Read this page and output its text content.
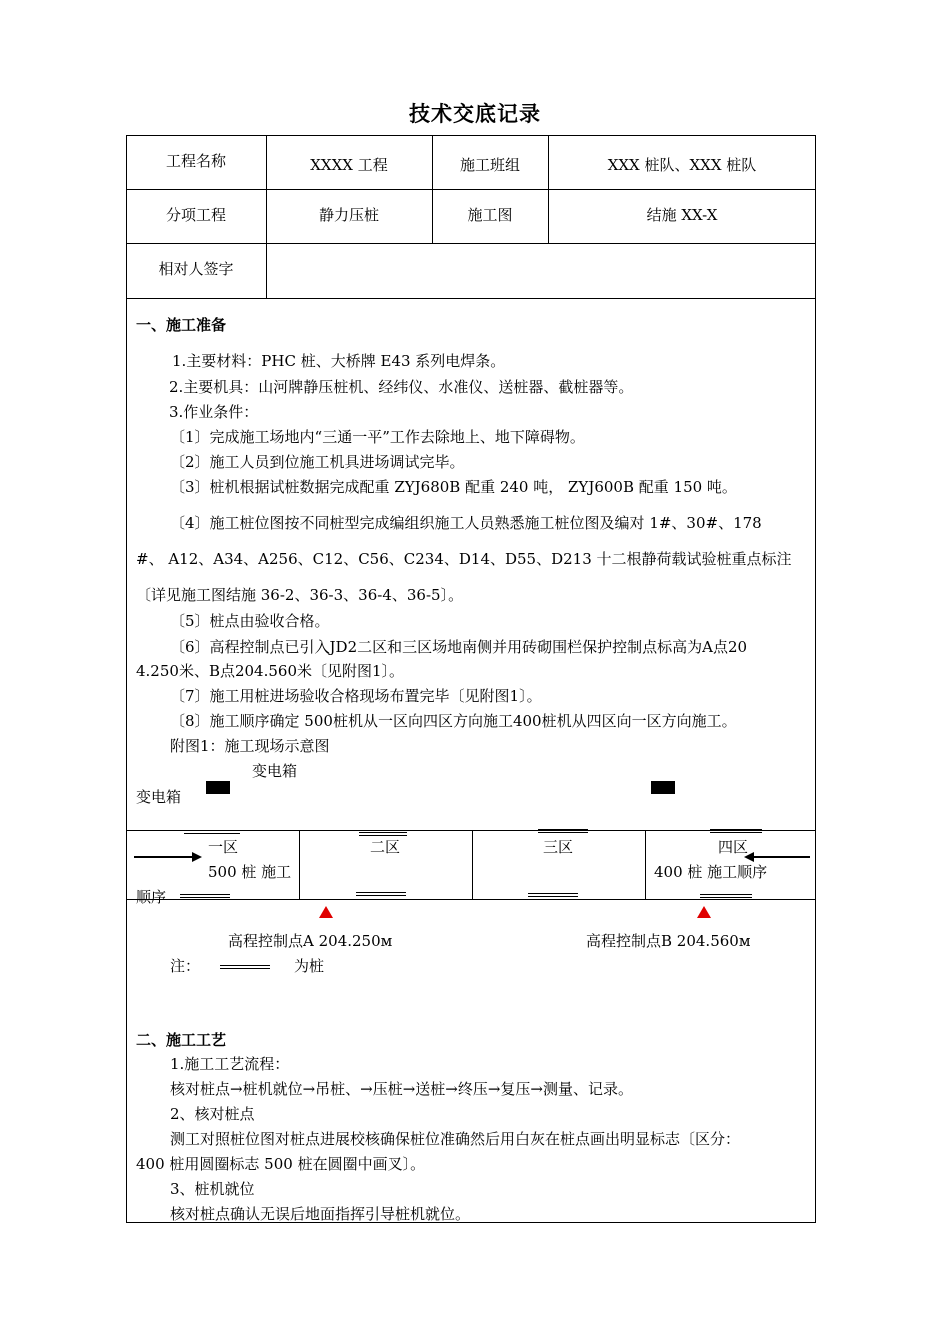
技术交底记录
工程名称	XXXX 工程	施工班组	XXX 桩队、XXX 桩队
分项工程	静力压桩	施工图	结施 XX-X
相对人签字
一、施工准备
1.主要材料：PHC 桩、大桥牌 E43 系列电焊条。
2.主要机具：山河牌静压桩机、经纬仪、水准仪、送桩器、截桩器等。
3.作业条件：
〔1〕完成施工场地内“三通一平”工作去除地上、地下障碍物。
〔2〕施工人员到位施工机具进场调试完毕。
〔3〕桩机根据试桩数据完成配重 ZYJ680B 配重 240 吨， ZYJ600B 配重 150 吨。
〔4〕施工桩位图按不同桩型完成编组织施工人员熟悉施工桩位图及编对 1#、30#、178
#、 A12、A34、A256、C12、C56、C234、D14、D55、D213 十二根静荷载试验桩重点标注
〔详见施工图结施 36-2、36-3、36-4、36-5〕。
〔5〕桩点由验收合格。
〔6〕高程控制点已引入JD2二区和三区场地南侧并用砖砌围栏保护控制点标高为A点20
4.250米、B点204.560米〔见附图1〕。
〔7〕施工用桩进场验收合格现场布置完毕〔见附图1〕。
〔8〕施工顺序确定 500桩机从一区向四区方向施工400桩机从四区向一区方向施工。
附图1：施工现场示意图
变电箱
变电箱
一区	二区	三区	四区
500 桩 施工
顺序
400 桩 施工顺序
高程控制点A 204.250м	高程控制点B 204.560м
注：	为桩
二、施工工艺
1.施工工艺流程：
核对桩点→桩机就位→吊桩、→压桩→送桩→终压→复压→测量、记录。
2、核对桩点
测工对照桩位图对桩点进展校核确保桩位准确然后用白灰在桩点画出明显标志〔区分：
400 桩用圆圈标志 500 桩在圆圈中画叉〕。
3、桩机就位
核对桩点确认无误后地面指挥引导桩机就位。
